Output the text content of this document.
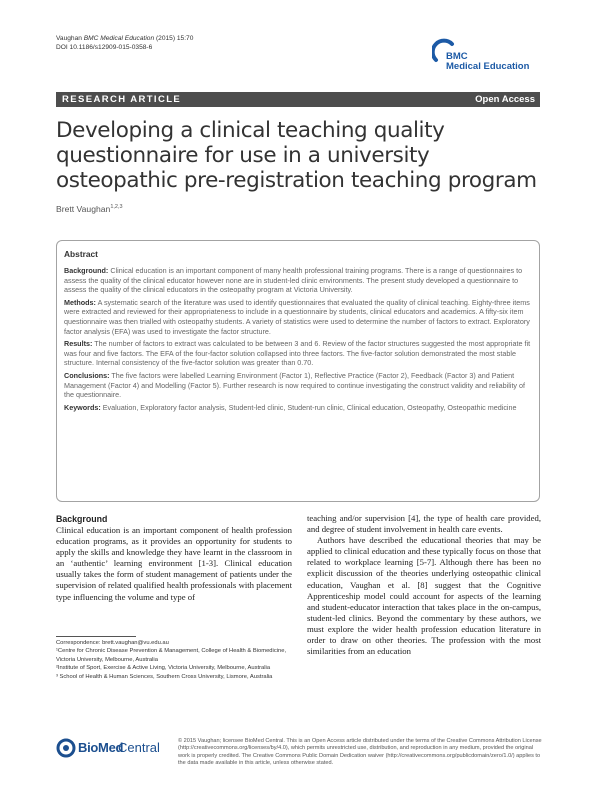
Vaughan BMC Medical Education (2015) 15:70
DOI 10.1186/s12909-015-0358-6
BMC
Medical Education
RESEARCH ARTICLE	Open Access
Developing a clinical teaching quality questionnaire for use in a university osteopathic pre-registration teaching program
Brett Vaughan$^{1,2,3}$
Abstract

Background: Clinical education is an important component of many health professional training programs. There is a range of questionnaires to assess the quality of the clinical educator however none are in student-led clinic environments. The present study developed a questionnaire to assess the quality of the clinical educators in the osteopathy program at Victoria University.

Methods: A systematic search of the literature was used to identify questionnaires that evaluated the quality of clinical teaching. Eighty-three items were extracted and reviewed for their appropriateness to include in a questionnaire by students, clinical educators and academics. A fifty-six item questionnaire was then trialled with osteopathy students. A variety of statistics were used to determine the number of factors to extract. Exploratory factor analysis (EFA) was used to investigate the factor structure.

Results: The number of factors to extract was calculated to be between 3 and 6. Review of the factor structures suggested the most appropriate fit was four and five factors. The EFA of the four-factor solution collapsed into three factors. The five-factor solution demonstrated the most stable structure. Internal consistency of the five-factor solution was greater than 0.70.

Conclusions: The five factors were labelled Learning Environment (Factor 1), Reflective Practice (Factor 2), Feedback (Factor 3) and Patient Management (Factor 4) and Modelling (Factor 5). Further research is now required to continue investigating the construct validity and reliability of the questionnaire.

Keywords: Evaluation, Exploratory factor analysis, Student-led clinic, Student-run clinic, Clinical education, Osteopathy, Osteopathic medicine

Background

Clinical education is an important component of health profession education programs, as it provides an opportunity for students to apply the skills and knowledge they have learnt in the classroom in an ‘authentic’ learning environment [1-3]. Clinical education usually takes the form of student management of patients under the supervision of related qualified health professionals with placement type influencing the volume and type of

teaching and/or supervision [4], the type of health care provided, and degree of student involvement in health care events.

Authors have described the educational theories that may be applied to clinical education and these typically focus on those that related to workplace learning [5-7]. Although there has been no explicit discussion of the theories underlying osteopathic clinical education, Vaughan et al. [8] suggest that the Cognitive Apprenticeship model could account for aspects of the learning and student-educator interaction that takes place in the on-campus, student-led clinics. Beyond the commentary by these authors, we must explore the wider health profession education literature in order to draw on other theories. The profession with the most similarities from an education

Correspondence: brett.vaughan@vu.edu.au
¹Centre for Chronic Disease Prevention & Management, College of Health & Biomedicine, Victoria University, Melbourne, Australia
²Institute of Sport, Exercise & Active Living, Victoria University, Melbourne, Australia
³ School of Health & Human Sciences, Southern Cross University, Lismore, Australia
BioMed
Central	© 2015 Vaughan; licensee BioMed Central. This is an Open Access article distributed under the terms of the Creative Commons Attribution License (http://creativecommons.org/licenses/by/4.0), which permits unrestricted use, distribution, and reproduction in any medium, provided the original work is properly credited. The Creative Commons Public Domain Dedication waiver (http://creativecommons.org/publicdomain/zero/1.0/) applies to the data made available in this article, unless otherwise stated.
